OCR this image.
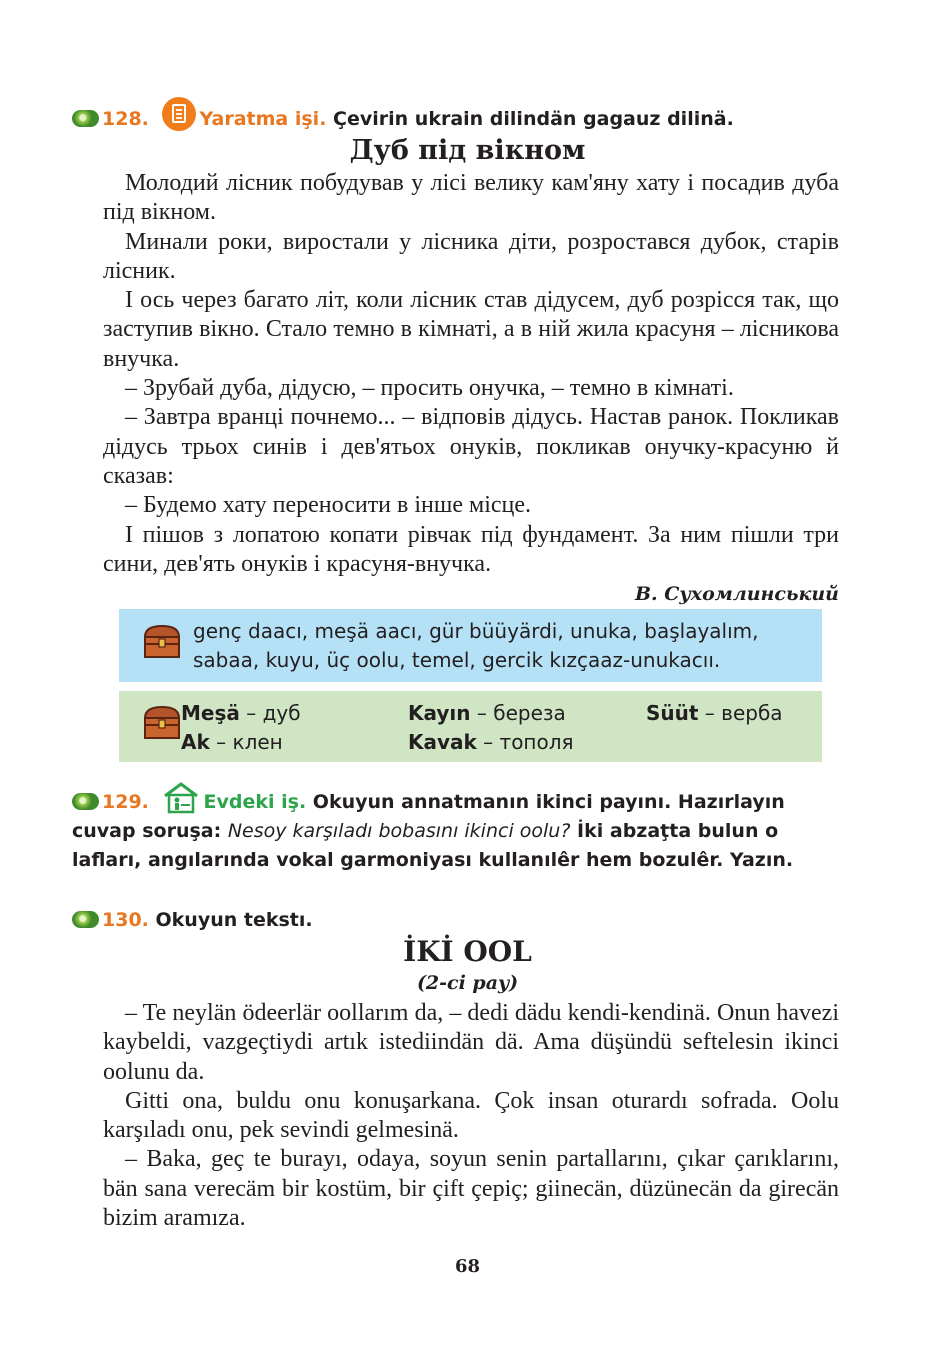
128.	Yaratma işi. Çevirin ukrain dilindän gagauz dilinä.
Дуб під вікном

Молодий лісник побудував у лісі велику кам'яну хату і посадив дуба під вікном.

Минали роки, виростали у лісника діти, розростався дубок, старів лісник.

І ось через багато літ, коли лісник став дідусем, дуб розрісся так, що заступив вікно. Стало темно в кімнаті, а в ній жила красуня – лісникова внучка.

– Зрубай дуба, дідусю, – просить онучка, – темно в кімнаті.

– Завтра вранці почнемо... – відповів дідусь. Настав ранок. Покликав дідусь трьох синів і дев'ятьох онуків, покликав онучку-красуню й сказав:

– Будемо хату переносити в інше місце.

І пішов з лопатою копати рівчак під фундамент. За ним пішли три сини, дев'ять онуків і красуня-внучка.

В. Сухомлинський
genç daacı, meşä aacı, gür büüyärdi, unuka, başlayalım, sabaa, kuyu, üç oolu, temel, gercik kızçaaz-unukacıı.
Meşä – дуб
Ak – клен
Kayın – береза
Kavak – тополя
Süüt – верба
129.	Evdeki iş. Okuyun annatmanın ikinci payını. Hazırlayın cuvap soruşa: Nesoy karşıladı bobasını ikinci oolu? İki abzaţta bulun o lafları, angılarında vokal garmoniyası kullanılêr hem bozulêr. Yazın.
130. Okuyun tekstı.
İKİ OOL
(2-ci pay)

– Te neylän ödeerlär oollarım da, – dedi dädu kendi-kendinä. Onun havezi kaybeldi, vazgeçtiydi artık istediindän dä. Ama düşündü seftelesin ikinci oolunu da.

Gitti ona, buldu onu konuşarkana. Çok insan oturardı sofrada. Oolu karşıladı onu, pek sevindi gelmesinä.

– Baka, geç te burayı, odaya, soyun senin partallarını, çıkar çarıklarını, bän sana verecäm bir kostüm, bir çift çepiç; giinecän, düzünecän da girecän bizim aramıza.

68
